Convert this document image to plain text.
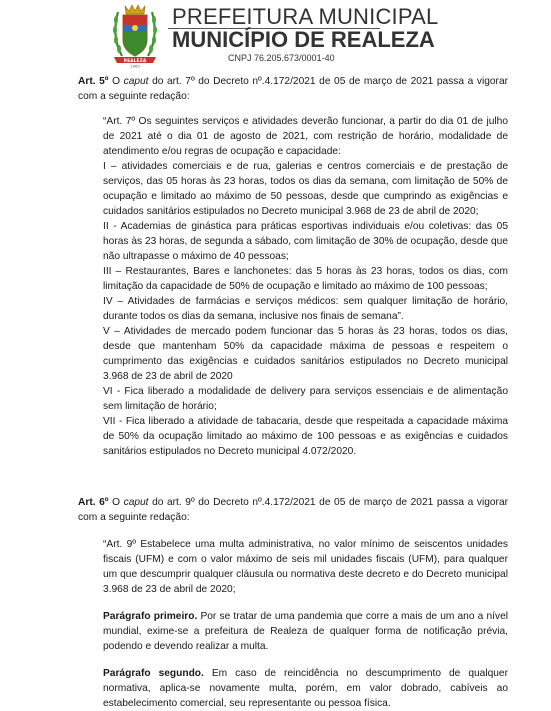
REALEZA
1963
PREFEITURA MUNICIPAL
MUNICÍPIO DE REALEZA
CNPJ 76.205.673/0001-40

Art. 5º O caput do art. 7º do Decreto nº.4.172/2021 de 05 de março de 2021 passa a vigorar com a seguinte redação:

“Art. 7º Os seguintes serviços e atividades deverão funcionar, a partir do dia 01 de julho de 2021 até o dia 01 de agosto de 2021, com restrição de horário, modalidade de atendimento e/ou regras de ocupação e capacidade:

I – atividades comerciais e de rua, galerias e centros comerciais e de prestação de serviços, das 05 horas às 23 horas, todos os dias da semana, com limitação de 50% de ocupação e limitado ao máximo de 50 pessoas, desde que cumprindo as exigências e cuidados sanitários estipulados no Decreto municipal 3.968 de 23 de abril de 2020;

II - Academias de ginástica para práticas esportivas individuais e/ou coletivas: das 05 horas às 23 horas, de segunda a sábado, com limitação de 30% de ocupação, desde que não ultrapasse o máximo de 40 pessoas;

III – Restaurantes, Bares e lanchonetes: das 5 horas às 23 horas, todos os dias, com limitação da capacidade de 50% de ocupação e limitado ao máximo de 100 pessoas;

IV – Atividades de farmácias e serviços médicos: sem qualquer limitação de horário, durante todos os dias da semana, inclusive nos finais de semana”.

V – Atividades de mercado podem funcionar das 5 horas às 23 horas, todos os dias, desde que mantenham 50% da capacidade máxima de pessoas e respeitem o cumprimento das exigências e cuidados sanitários estipulados no Decreto municipal 3.968 de 23 de abril de 2020

VI - Fica liberado a modalidade de delivery para serviços essenciais e de alimentação sem limitação de horário;

VII - Fica liberado a atividade de tabacaria, desde que respeitada a capacidade máxima de 50% da ocupação limitado ao máximo de 100 pessoas e as exigências e cuidados sanitários estipulados no Decreto municipal 4.072/2020.

Art. 6º O caput do art. 9º do Decreto nº.4.172/2021 de 05 de março de 2021 passa a vigorar com a seguinte redação:

“Art. 9º Estabelece uma multa administrativa, no valor mínimo de seiscentos unidades fiscais (UFM) e com o valor máximo de seis mil unidades fiscais (UFM), para qualquer um que descumprir qualquer cláusula ou normativa deste decreto e do Decreto municipal 3.968 de 23 de abril de 2020;

Parágrafo primeiro. Por se tratar de uma pandemia que corre a mais de um ano a nível mundial, exime-se a prefeitura de Realeza de qualquer forma de notificação prévia, podendo e devendo realizar a multa.

Parágrafo segundo. Em caso de reincidência no descumprimento de qualquer normativa, aplica-se novamente multa, porém, em valor dobrado, cabíveis ao estabelecimento comercial, seu representante ou pessoa física.
